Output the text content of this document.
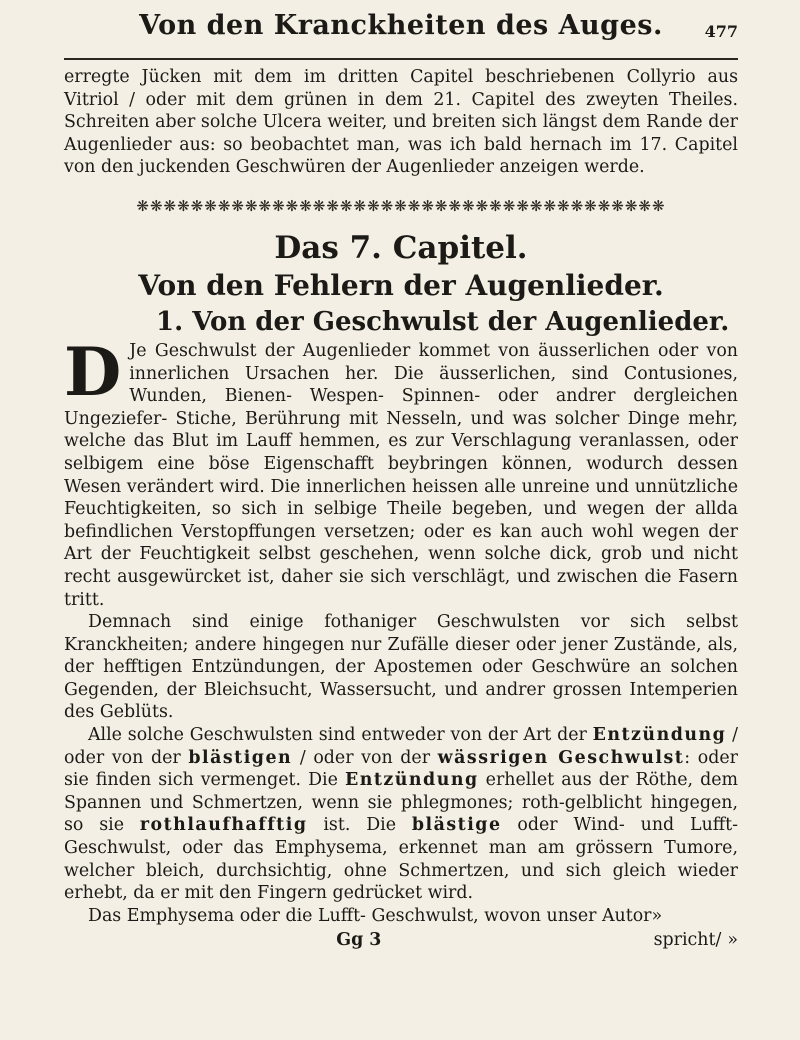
Von den Kranckheiten des Auges.	477

erregte Jücken mit dem im dritten Capitel beschriebenen Collyrio aus Vitriol / oder mit dem grünen in dem 21. Capitel des zweyten Theiles. Schreiten aber solche Ulcera weiter, und breiten sich längst dem Rande der Augenlieder aus: so beobachtet man, was ich bald hernach im 17. Capitel von den juckenden Geschwüren der Augenlieder anzeigen werde.

❋❋❋❋❋❋❋❋❋❋❋❋❋❋❋❋❋❋❋❋❋❋❋❋❋❋❋❋❋❋❋❋❋❋❋❋❋❋❋
Das 7. Capitel.
Von den Fehlern der Augenlieder.
1. Von der Geschwulst der Augenlieder.

D Je Geschwulst der Augenlieder kommet von äusserlichen oder von innerlichen Ursachen her. Die äusserlichen, sind Contusiones, Wunden, Bienen- Wespen- Spinnen- oder andrer dergleichen Ungeziefer- Stiche, Berührung mit Nesseln, und was solcher Dinge mehr, welche das Blut im Lauff hemmen, es zur Verschlagung veranlassen, oder selbigem eine böse Eigenschafft beybringen können, wodurch dessen Wesen verändert wird. Die innerlichen heissen alle unreine und unnützliche Feuchtigkeiten, so sich in selbige Theile begeben, und wegen der allda befindlichen Verstopffungen versetzen; oder es kan auch wohl wegen der Art der Feuchtigkeit selbst geschehen, wenn solche dick, grob und nicht recht ausgewürcket ist, daher sie sich verschlägt, und zwischen die Fasern tritt.

Demnach sind einige fothaniger Geschwulsten vor sich selbst Kranckheiten; andere hingegen nur Zufälle dieser oder jener Zustände, als, der hefftigen Entzündungen, der Apostemen oder Geschwüre an solchen Gegenden, der Bleichsucht, Wassersucht, und andrer grossen Intemperien des Geblüts.

Alle solche Geschwulsten sind entweder von der Art der Entzündung / oder von der blästigen / oder von der wässrigen Geschwulst: oder sie finden sich vermenget. Die Entzündung erhellet aus der Röthe, dem Spannen und Schmertzen, wenn sie phlegmones; roth-gelblicht hingegen, so sie rothlaufhafftig ist. Die blästige oder Wind- und Lufft-Geschwulst, oder das Emphysema, erkennet man am grössern Tumore, welcher bleich, durchsichtig, ohne Schmertzen, und sich gleich wieder erhebt, da er mit den Fingern gedrücket wird.

Das Emphysema oder die Lufft- Geschwulst, wovon unser Autor»

Gg 3	spricht/ »
